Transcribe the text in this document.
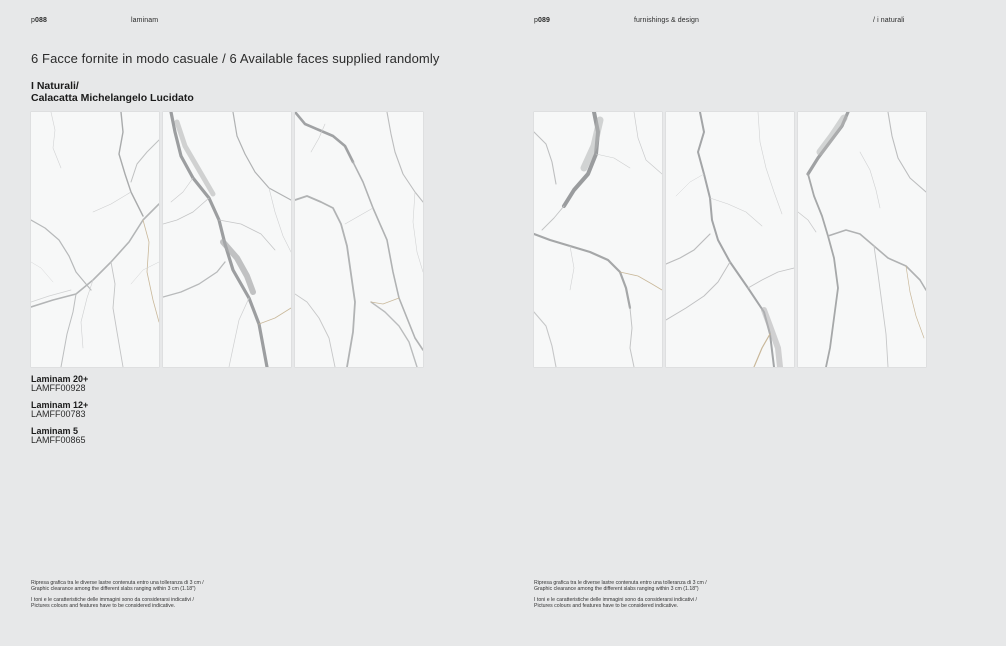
p088	laminam
6 Facce fornite in modo casuale / 6 Available faces supplied randomly
I Naturali/
Calacatta Michelangelo Lucidato
Laminam 20+
LAMFF00928
Laminam 12+
LAMFF00783
Laminam 5
LAMFF00865

Ripresa grafica tra le diverse lastre contenuta entro una tolleranza di 3 cm /
Graphic clearance among the different slabs ranging within 3 cm (1.18")

I toni e le caratteristiche delle immagini sono da considerarsi indicativi /
Pictures colours and features have to be considered indicative.

p089	furnishings & design	/ i naturali

Ripresa grafica tra le diverse lastre contenuta entro una tolleranza di 3 cm /
Graphic clearance among the different slabs ranging within 3 cm (1.18")

I toni e le caratteristiche delle immagini sono da considerarsi indicativi /
Pictures colours and features have to be considered indicative.
